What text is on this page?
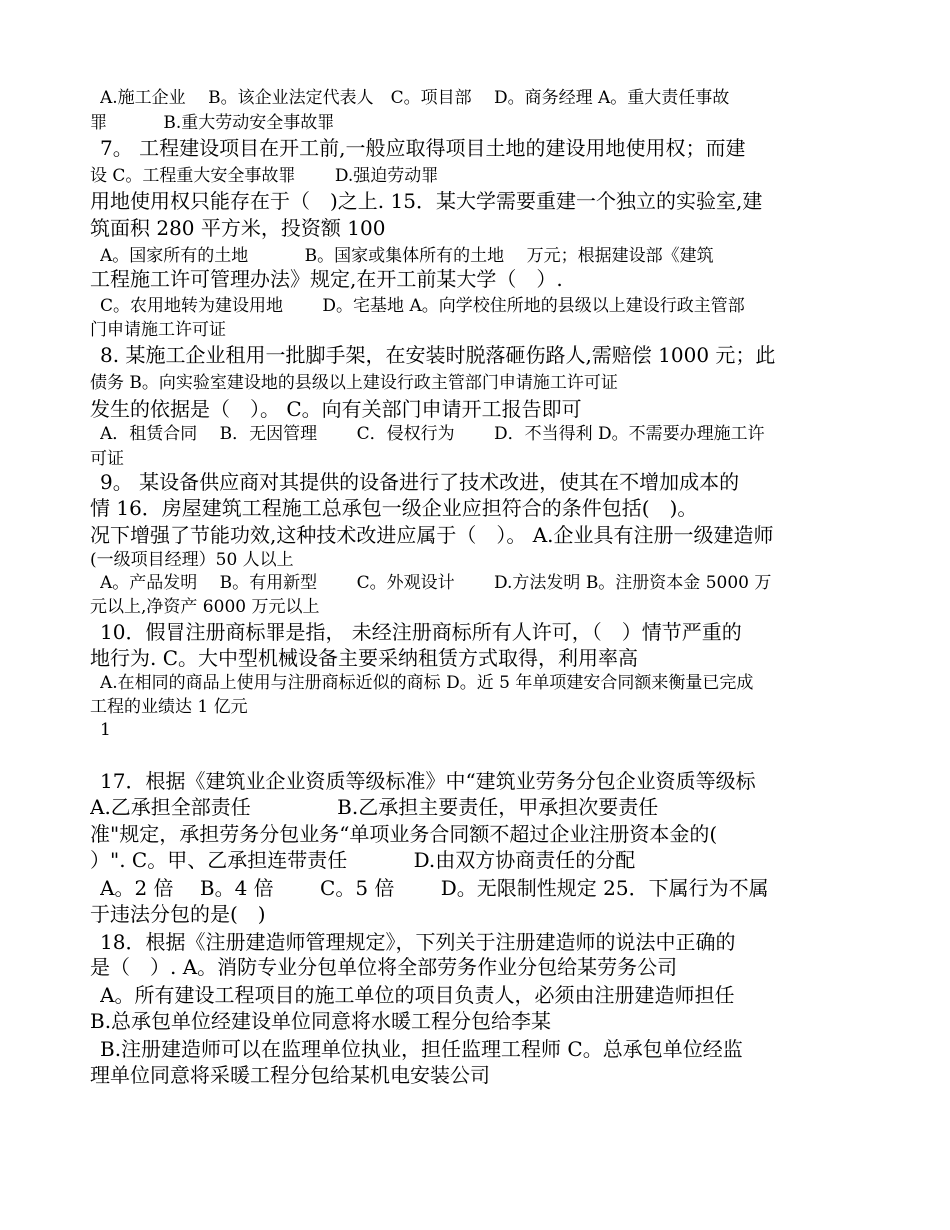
A.施工企业　 B。该企业法定代表人　C。项目部　 D。商务经理 A。重大责任事故
罪　　　 B.重大劳动安全事故罪
7。 工程建设项目在开工前,一般应取得项目土地的建设用地使用权；而建
设 C。工程重大安全事故罪　　 D.强迫劳动罪
用地使用权只能存在于（　)之上. 15．某大学需要重建一个独立的实验室,建
筑面积 280 平方米，投资额 100
A。国家所有的土地　　　 B。国家或集体所有的土地　 万元；根据建设部《建筑
工程施工许可管理办法》规定,在开工前某大学（　）.
C。农用地转为建设用地　　 D。宅基地 A。向学校住所地的县级以上建设行政主管部
门申请施工许可证
8. 某施工企业租用一批脚手架，在安装时脱落砸伤路人,需赔偿 1000 元；此
债务 B。向实验室建设地的县级以上建设行政主管部门申请施工许可证
发生的依据是（　）。 C。向有关部门申请开工报告即可
A．租赁合同　 B．无因管理　　 C．侵权行为　　 D．不当得利 D。不需要办理施工许
可证
9。 某设备供应商对其提供的设备进行了技术改进，使其在不增加成本的
情 16．房屋建筑工程施工总承包一级企业应担符合的条件包括(　)。
况下增强了节能功效,这种技术改进应属于（　）。 A.企业具有注册一级建造师
(一级项目经理）50 人以上
A。产品发明　 B。有用新型　　 C。外观设计　　 D.方法发明 B。注册资本金 5000 万
元以上,净资产 6000 万元以上
10．假冒注册商标罪是指， 未经注册商标所有人许可，（　）情节严重的
地行为. C。大中型机械设备主要采纳租赁方式取得，利用率高
A.在相同的商品上使用与注册商标近似的商标 D。近 5 年单项建安合同额来衡量已完成
工程的业绩达 1 亿元
1
17．根据《建筑业企业资质等级标准》中“建筑业劳务分包企业资质等级标
A.乙承担全部责任　　　　 B.乙承担主要责任，甲承担次要责任
准"规定，承担劳务分包业务“单项业务合同额不超过企业注册资本金的(
）". C。甲、乙承担连带责任　　　 D.由双方协商责任的分配
A。2 倍　 B。4 倍　　 C。5 倍　　 D。无限制性规定 25．下属行为不属
于违法分包的是(　)
18．根据《注册建造师管理规定》，下列关于注册建造师的说法中正确的
是（　）. A。消防专业分包单位将全部劳务作业分包给某劳务公司
A。所有建设工程项目的施工单位的项目负责人，必须由注册建造师担任
B.总承包单位经建设单位同意将水暖工程分包给李某
B.注册建造师可以在监理单位执业，担任监理工程师 C。总承包单位经监
理单位同意将采暖工程分包给某机电安装公司
